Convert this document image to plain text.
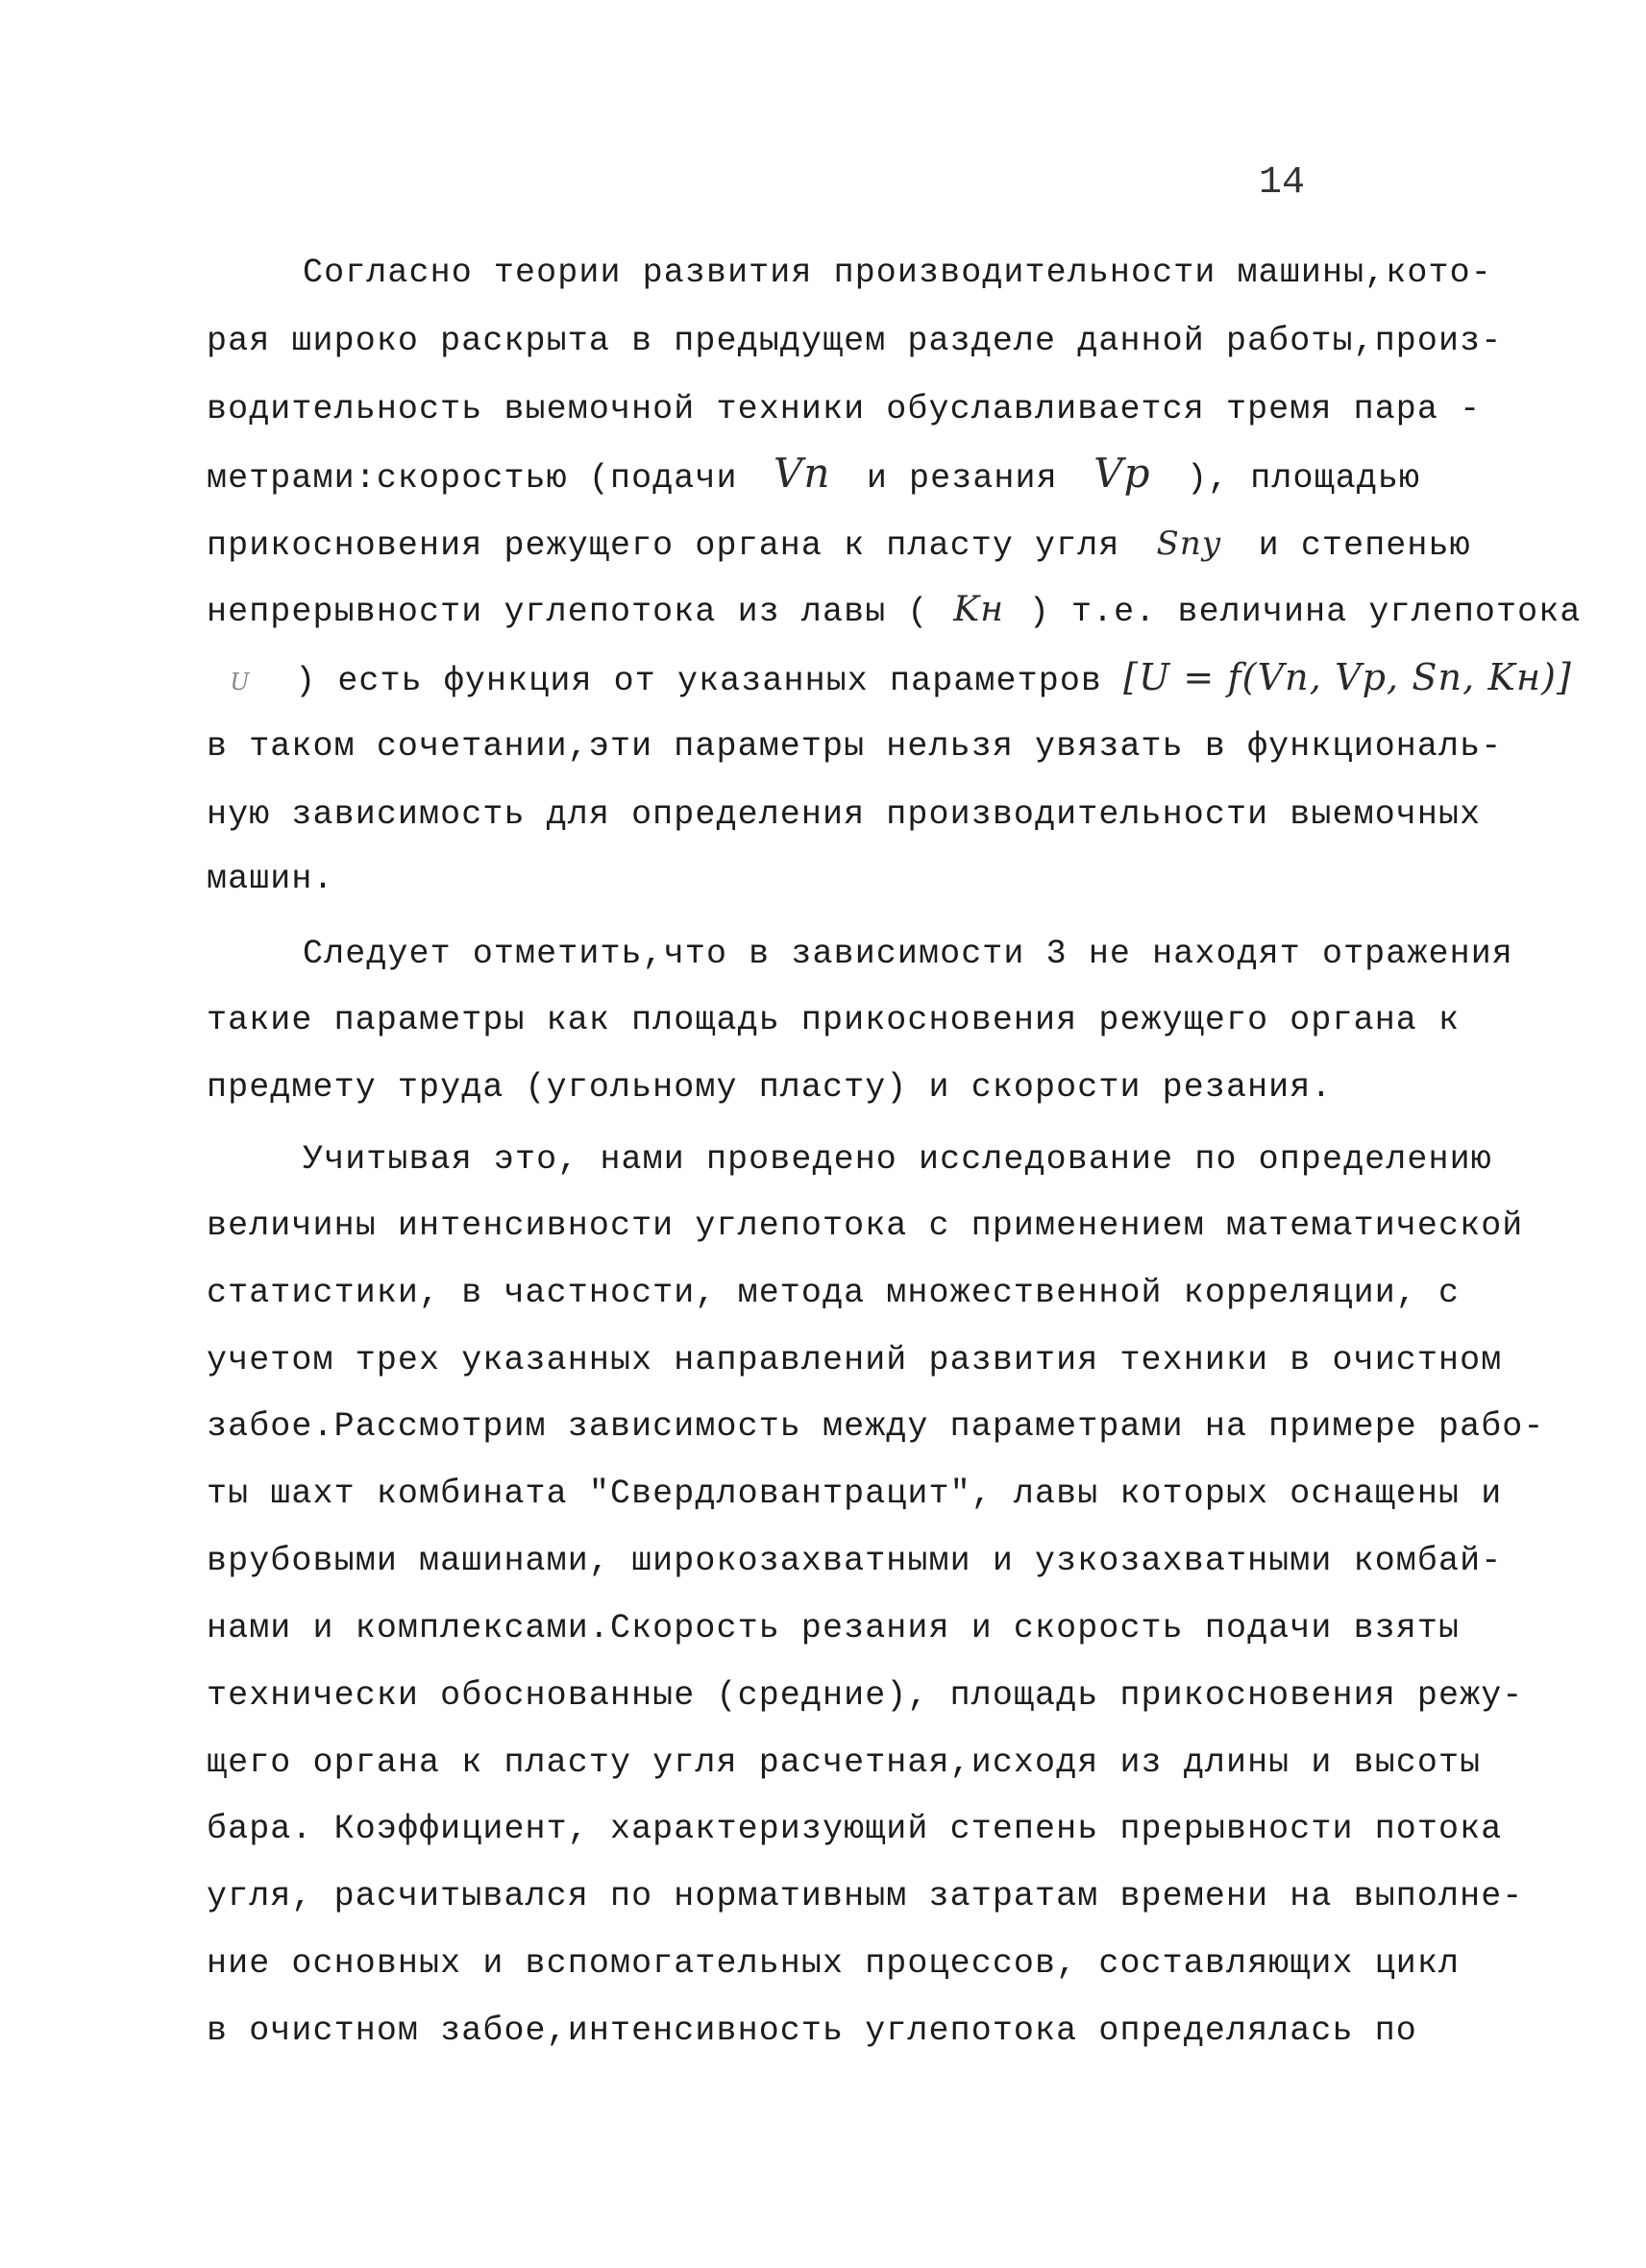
14
Согласно теории развития производительности машины,кото-
рая широко раскрыта в предыдущем разделе данной работы,произ-
водительность выемочной техники обуславливается тремя пара -
метрами:скоростью (подачи Vп и резания Vр ), площадью
прикосновения режущего органа к пласту угля Sпу и степенью
непрерывности углепотока из лавы ( Kн ) т.е. величина углепотока
U ) есть функция от указанных параметров [U = f(Vп, Vр, Sп, Kн)]
в таком сочетании,эти параметры нельзя увязать в функциональ-
ную зависимость для определения производительности выемочных
машин.
Следует отметить,что в зависимости 3 не находят отражения
такие параметры как площадь прикосновения режущего органа к
предмету труда (угольному пласту) и скорости резания.
Учитывая это, нами проведено исследование по определению
величины интенсивности углепотока с применением математической
статистики, в частности, метода множественной корреляции, с
учетом трех указанных направлений развития техники в очистном
забое.Рассмотрим зависимость между параметрами на примере рабо-
ты шахт комбината "Свердловантрацит", лавы которых оснащены и
врубовыми машинами, широкозахватными и узкозахватными комбай-
нами и комплексами.Скорость резания и скорость подачи взяты
технически обоснованные (средние), площадь прикосновения режу-
щего органа к пласту угля расчетная,исходя из длины и высоты
бара. Коэффициент, характеризующий степень прерывности потока
угля, расчитывался по нормативным затратам времени на выполне-
ние основных и вспомогательных процессов, составляющих цикл
в очистном забое,интенсивность углепотока определялась по
